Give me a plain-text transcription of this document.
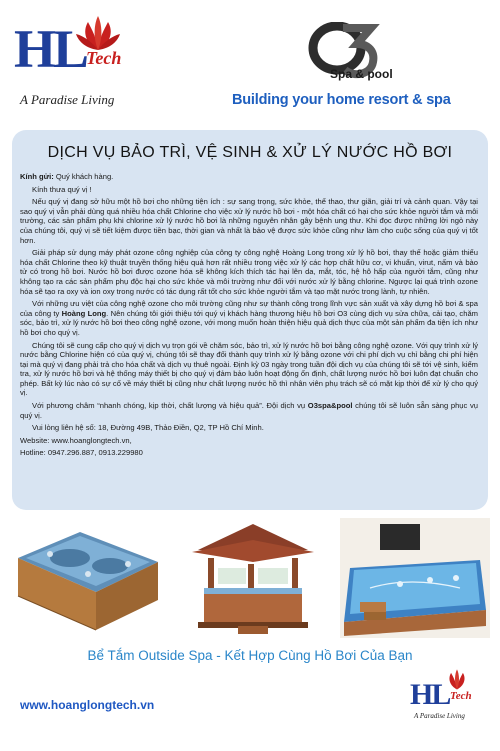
HL Tech
A Paradise Living
Spa & pool
Building your home resort & spa
DỊCH VỤ BẢO TRÌ, VỆ SINH & XỬ LÝ NƯỚC HỒ BƠI

Kính gửi: Quý khách hàng.

Kính thưa quý vị !

Nếu quý vị đang sở hữu một hồ bơi cho những tiện ích : sự sang trọng, sức khỏe, thể thao, thư giãn, giải trí và cảnh quan. Vậy tại sao quý vị vẫn phải dùng quá nhiều hóa chất Chlorine cho việc xử lý nước hồ bơi - một hóa chất có hại cho sức khỏe người tắm và môi trường, các sản phẩm phụ khi chlorine xử lý nước hồ bơi là những nguyên nhân gây bệnh ung thư. Khi đọc được những lời ngỏ này của chúng tôi, quý vị sẽ tiết kiệm được tiền bạc, thời gian và nhất là bảo vệ được sức khỏe cũng như làm cho cuộc sống của quý vị tốt hơn.

Giải pháp sử dụng máy phát ozone công nghiệp của công ty công nghệ Hoàng Long trong xử lý hồ bơi, thay thế hoặc giảm thiểu hóa chất Chlorine theo kỹ thuật truyền thống hiệu quả hơn rất nhiều trong việc xử lý các hợp chất hữu cơ, vi khuẩn, virut, nấm và bào tử có trong hồ bơi. Nước hồ bơi được ozone hóa sẽ không kích thích tác hại lên da, mắt, tóc, hệ hô hấp của người tắm, cũng như không tạo ra các sản phẩm phụ độc hại cho sức khỏe và môi trường như đối với nước xử lý bằng chlorine. Ngược lại quá trình ozone hóa sẽ tạo ra oxy và ion oxy trong nước có tác dụng rất tốt cho sức khỏe người tắm và tạo mặt nước trong lành, tự nhiên.

Với những ưu việt của công nghệ ozone cho môi trường cũng như sự thành công trong lĩnh vực sản xuất và xây dựng hồ bơi & spa của công ty Hoàng Long. Nên chúng tôi giới thiệu tới quý vị khách hàng thương hiệu hồ bơi O3 cùng dịch vụ sửa chữa, cải tạo, chăm sóc, bảo trì, xử lý nước hồ bơi theo công nghệ ozone, với mong muốn hoàn thiện hiệu quả dịch thực của một sản phẩm đa tiện ích như hồ bơi cho quý vị.

Chúng tôi sẽ cung cấp cho quý vị dịch vụ trọn gói về chăm sóc, bảo trì, xử lý nước hồ bơi bằng công nghệ ozone. Với quy trình xử lý nước bằng Chlorine hiện có của quý vị, chúng tôi sẽ thay đổi thành quy trình xử lý bằng ozone với chi phí dịch vụ chỉ bằng chi phí hiện tại mà quý vị đang phải trả cho hóa chất và dịch vụ thuê ngoài. Định kỳ 03 ngày trong tuần đội dịch vụ của chúng tôi sẽ tới vệ sinh, kiểm tra, xử lý nước hồ bơi và hệ thống máy thiết bị cho quý vị đảm bảo luôn hoạt động ổn định, chất lượng nước hồ bơi luôn đạt chuẩn cho phép. Bất kỳ lúc nào có sự cố về máy thiết bị cũng như chất lượng nước hồ thì nhân viên phụ trách sẽ có mặt kịp thời để xử lý cho quý vị.

Với phương châm “nhanh chóng, kịp thời, chất lượng và hiệu quả”. Đội dịch vụ O3spa&pool chúng tôi sẽ luôn sẵn sàng phục vụ quý vị.

Vui lòng liên hệ số: 18, Đường 49B, Thảo Điền, Q2, TP Hồ Chí Minh.

Website: www.hoanglongtech.vn,

Hotline: 0947.296.887, 0913.229980

Bể Tắm Outside Spa - Kết Hợp Cùng Hồ Bơi Của Bạn
www.hoanglongtech.vn	HL Tech
A Paradise Living
